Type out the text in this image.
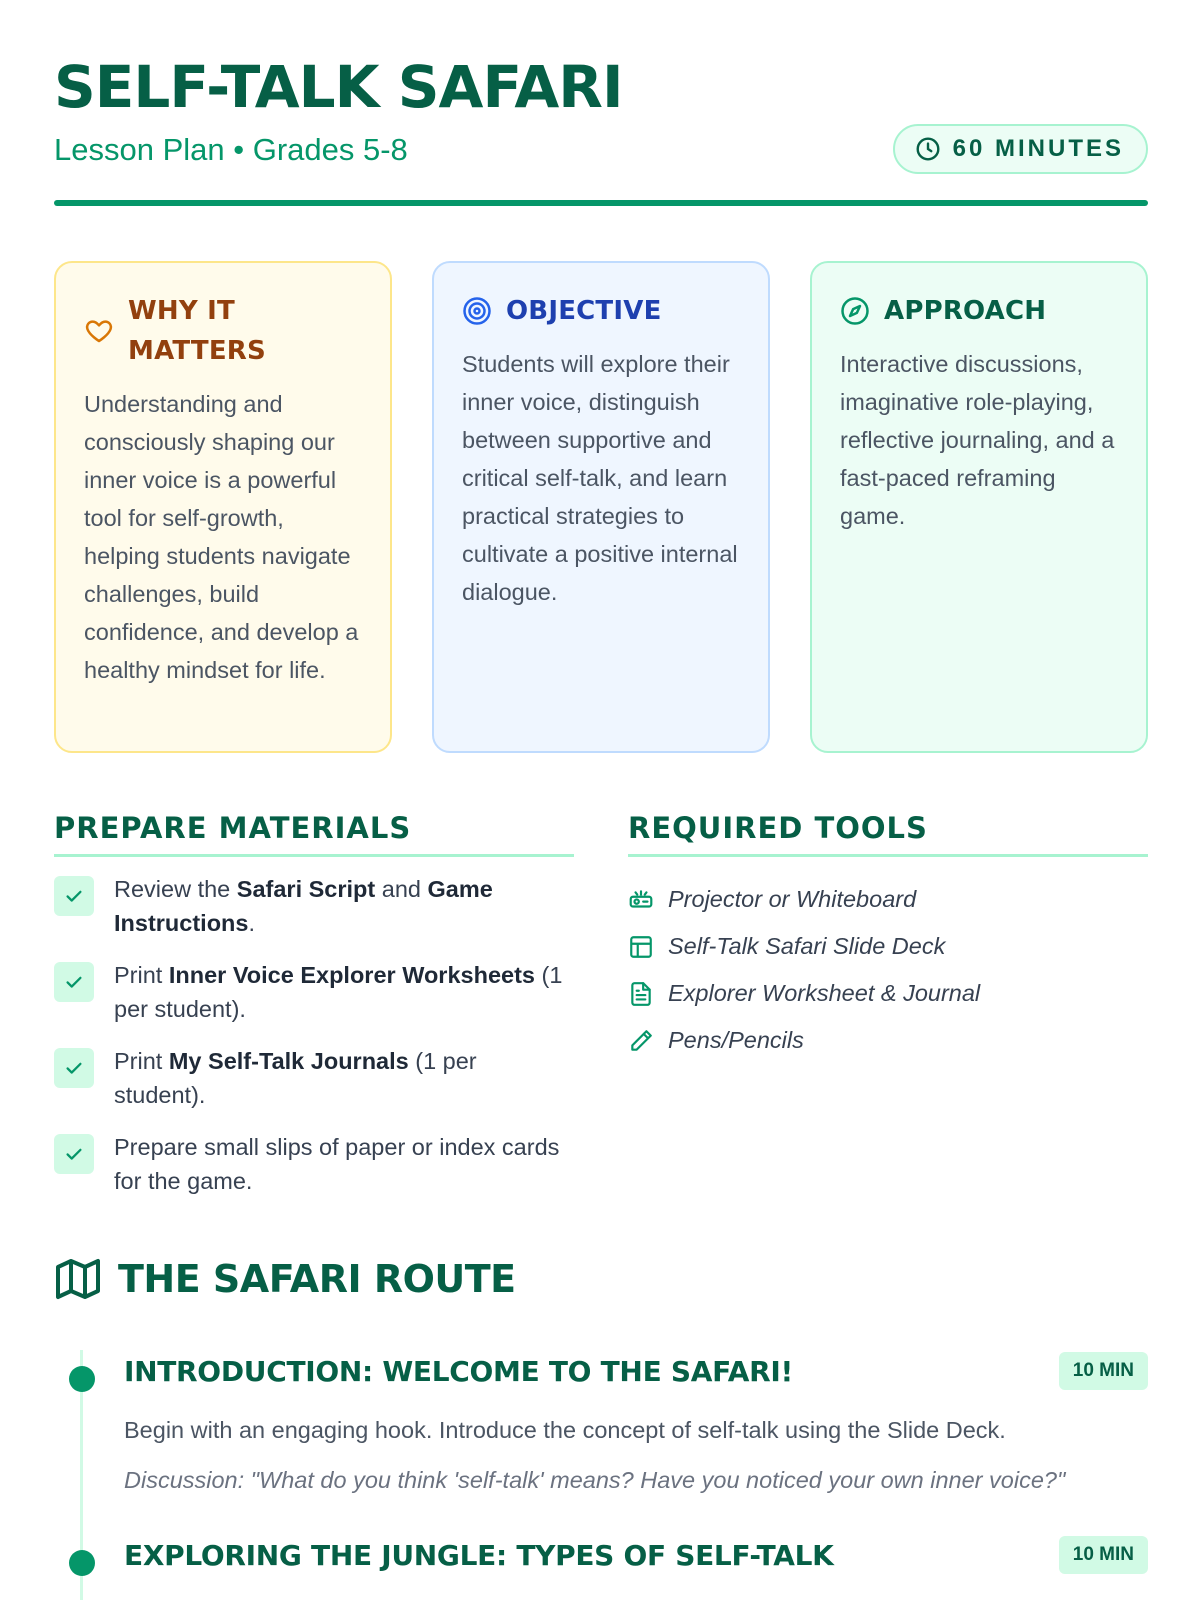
SELF-TALK SAFARI
Lesson Plan • Grades 5-8	60 MINUTES
WHY IT MATTERS

Understanding and consciously shaping our inner voice is a powerful tool for self-growth, helping students navigate challenges, build confidence, and develop a healthy mindset for life.

OBJECTIVE

Students will explore their inner voice, distinguish between supportive and critical self-talk, and learn practical strategies to cultivate a positive internal dialogue.

APPROACH

Interactive discussions, imaginative role-playing, reflective journaling, and a fast-paced reframing game.

PREPARE MATERIALS
Review the Safari Script and Game Instructions.
Print Inner Voice Explorer Worksheets (1 per student).
Print My Self-Talk Journals (1 per student).
Prepare small slips of paper or index cards for the game.
REQUIRED TOOLS
Projector or Whiteboard
Self-Talk Safari Slide Deck
Explorer Worksheet & Journal
Pens/Pencils
THE SAFARI ROUTE
INTRODUCTION: WELCOME TO THE SAFARI!	10 MIN
Begin with an engaging hook. Introduce the concept of self-talk using the Slide Deck.
Discussion: "What do you think 'self-talk' means? Have you noticed your own inner voice?"
EXPLORING THE JUNGLE: TYPES OF SELF-TALK	10 MIN
